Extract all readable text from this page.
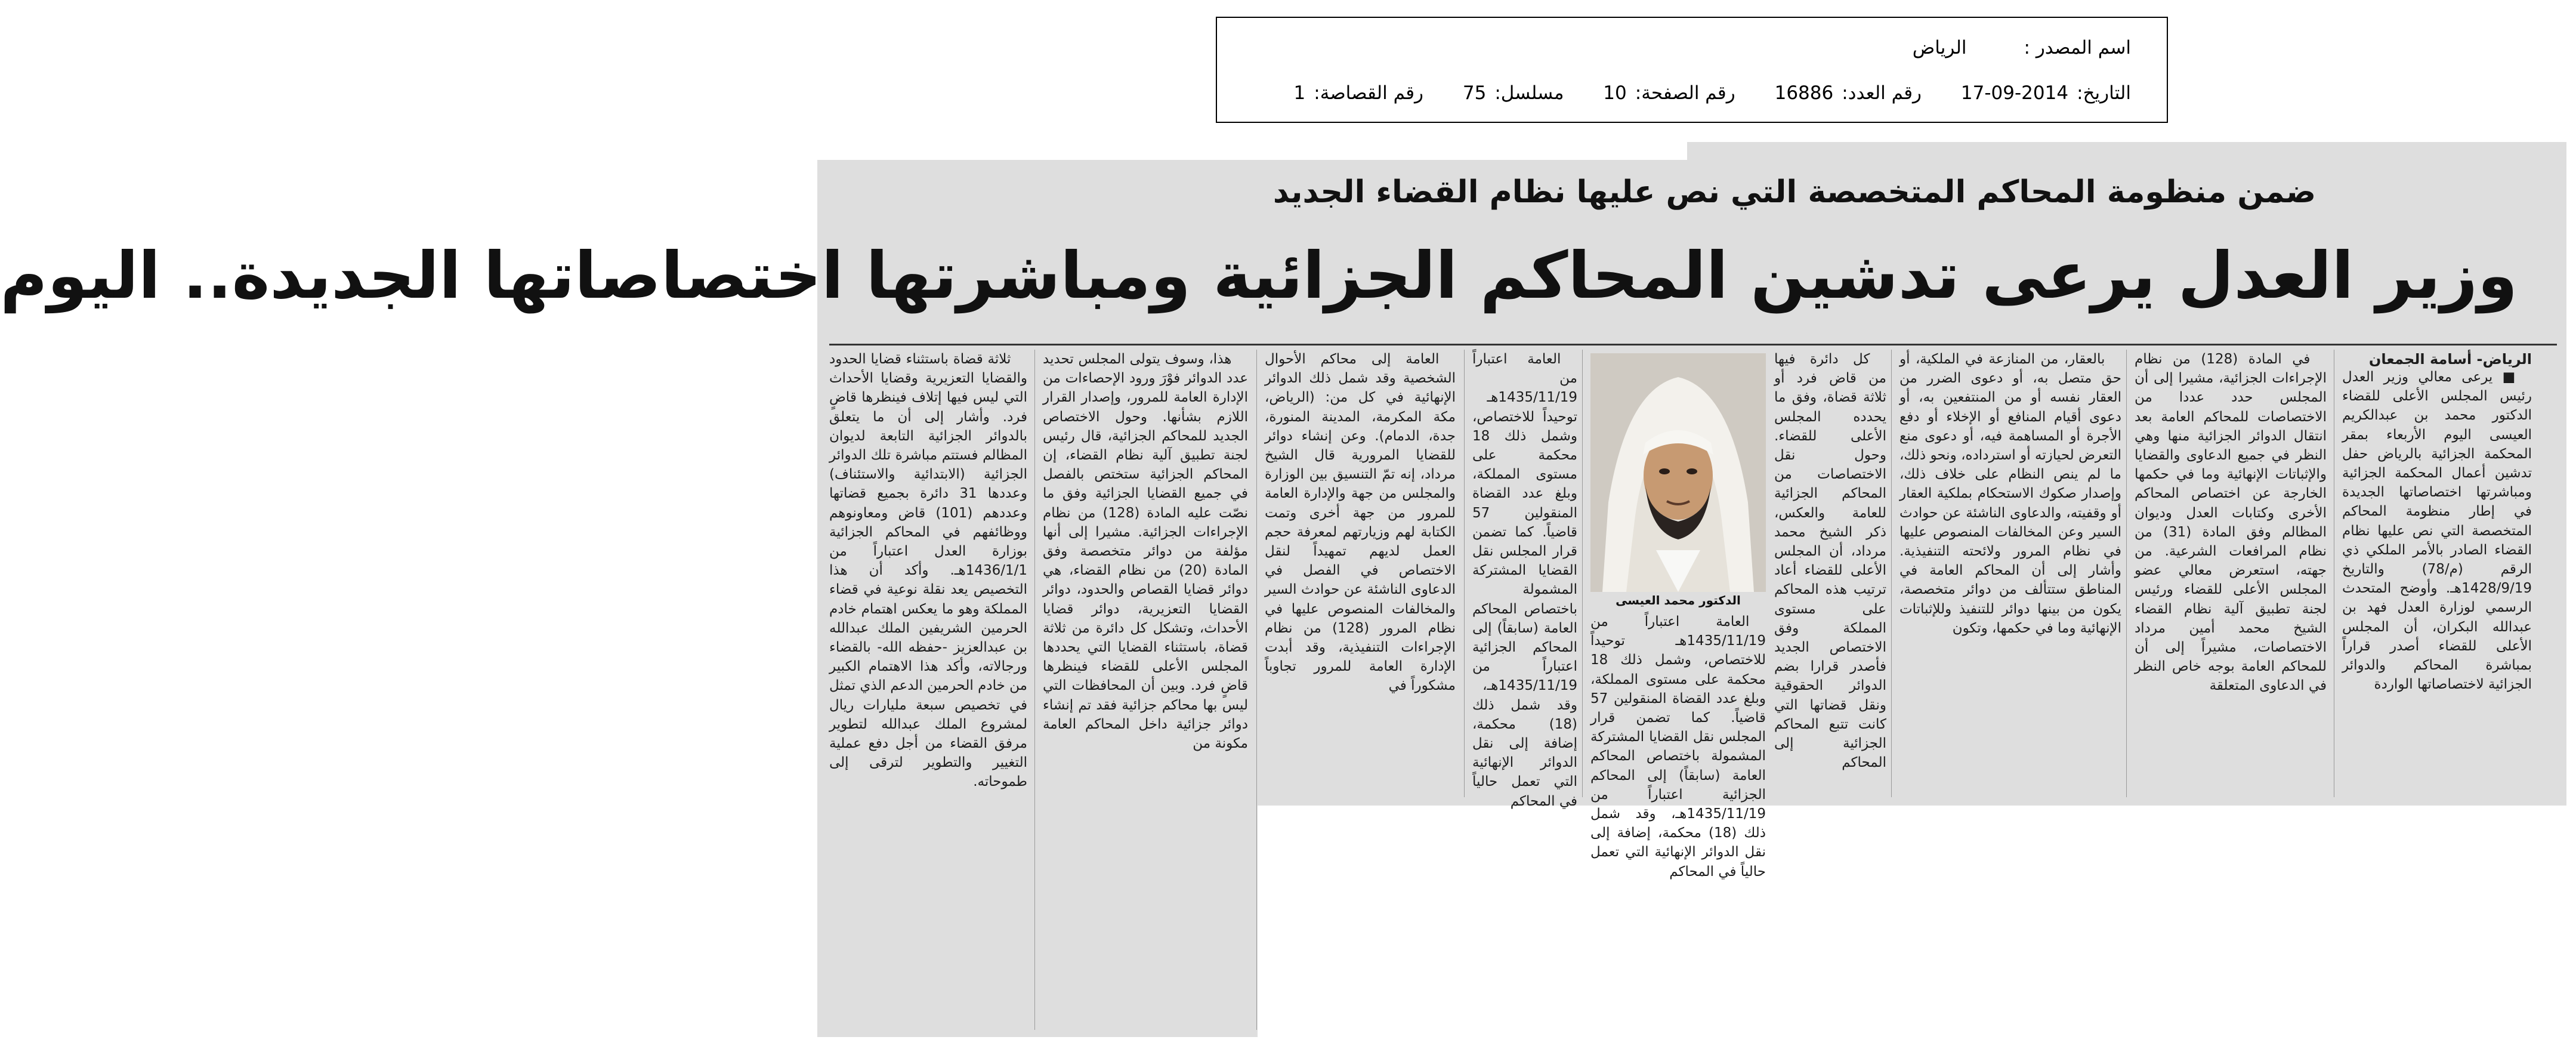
اسم المصدر :الرياض
التاريخ:2014-09-17 رقم العدد:16886 رقم الصفحة:10 مسلسل:75 رقم القصاصة:1
ضمن منظومة المحاكم المتخصصة التي نص عليها نظام القضاء الجديد
وزير العدل يرعى تدشين المحاكم الجزائية ومباشرتها اختصاصاتها الجديدة.. اليوم
الرياض- أسامة الجمعان

■ يرعى معالي وزير العدل رئيس المجلس الأعلى للقضاء الدكتور محمد بن عبدالكريم العيسى اليوم الأربعاء بمقر المحكمة الجزائية بالرياض حفل تدشين أعمال المحكمة الجزائية ومباشرتها اختصاصاتها الجديدة في إطار منظومة المحاكم المتخصصة التي نص عليها نظام القضاء الصادر بالأمر الملكي ذي الرقم (م/78) والتاريخ 1428/9/19هـ. وأوضح المتحدث الرسمي لوزارة العدل فهد بن عبدالله البكران، أن المجلس الأعلى للقضاء أصدر قراراً بمباشرة المحاكم والدوائر الجزائية لاختصاصاتها الواردة

في المادة (128) من نظام الإجراءات الجزائية، مشيرا إلى أن المجلس حدد عددا من الاختصاصات للمحاكم العامة بعد انتقال الدوائر الجزائية منها وهي النظر في جميع الدعاوى والقضايا والإثباتات الإنهائية وما في حكمها الخارجة عن اختصاص المحاكم الأخرى وكتابات العدل وديوان المظالم وفق المادة (31) من نظام المرافعات الشرعية. من جهته، استعرض معالي عضو المجلس الأعلى للقضاء ورئيس لجنة تطبيق آلية نظام القضاء الشيخ محمد أمين مرداد الاختصاصات، مشيراً إلى أن للمحاكم العامة بوجه خاص النظر في الدعاوى المتعلقة

بالعقار، من المنازعة في الملكية، أو حق متصل به، أو دعوى الضرر من العقار نفسه أو من المنتفعين به، أو دعوى أقيام المنافع أو الإخلاء أو دفع الأجرة أو المساهمة فيه، أو دعوى منع التعرض لحيازته أو استرداده، ونحو ذلك، ما لم ينص النظام على خلاف ذلك، وإصدار صكوك الاستحكام بملكية العقار أو وقفيته، والدعاوى الناشئة عن حوادث السير وعن المخالفات المنصوص عليها في نظام المرور ولائحته التنفيذية. وأشار إلى أن المحاكم العامة في المناطق ستتألف من دوائر متخصصة، يكون من بينها دوائر للتنفيذ وللإثباتات الإنهائية وما في حكمها، وتكون

كل دائرة فيها من قاض فرد أو ثلاثة قضاة، وفق ما يحدده المجلس الأعلى للقضاء. وحول نقل الاختصاصات من المحاكم الجزائية للعامة والعكس، ذكر الشيخ محمد مرداد، أن المجلس الأعلى للقضاء أعاد ترتيب هذه المحاكم على مستوى المملكة وفق الاختصاص الجديد فأصدر قرارا بضم الدوائر الحقوقية ونقل قضاتها التي كانت تتبع المحاكم الجزائية إلى المحاكم

الدكتور محمد العيسى

العامة اعتباراً من 1435/11/19هـ توحيداً للاختصاص، وشمل ذلك 18 محكمة على مستوى المملكة، وبلغ عدد القضاة المنقولين 57 قاضياً. كما تضمن قرار المجلس نقل القضايا المشتركة المشمولة باختصاص المحاكم العامة (سابقاً) إلى المحاكم الجزائية اعتباراً من 1435/11/19هـ، وقد شمل ذلك (18) محكمة، إضافة إلى نقل الدوائر الإنهائية التي تعمل حالياً في المحاكم

العامة اعتباراً من 1435/11/19هـ توحيداً للاختصاص، وشمل ذلك 18 محكمة على مستوى المملكة، وبلغ عدد القضاة المنقولين 57 قاضياً. كما تضمن قرار المجلس نقل القضايا المشتركة المشمولة باختصاص المحاكم العامة (سابقاً) إلى المحاكم الجزائية اعتباراً من 1435/11/19هـ، وقد شمل ذلك (18) محكمة، إضافة إلى نقل الدوائر الإنهائية التي تعمل حالياً في المحاكم

العامة إلى محاكم الأحوال الشخصية وقد شمل ذلك الدوائر الإنهائية في كل من: (الرياض، مكة المكرمة، المدينة المنورة، جدة، الدمام). وعن إنشاء دوائر للقضايا المرورية قال الشيخ مرداد، إنه تمّ التنسيق بين الوزارة والمجلس من جهة والإدارة العامة للمرور من جهة أخرى وتمت الكتابة لهم وزيارتهم لمعرفة حجم العمل لديهم تمهيداً لنقل الاختصاص في الفصل في الدعاوى الناشئة عن حوادث السير والمخالفات المنصوص عليها في نظام المرور (128) من نظام الإجراءات التنفيذية، وقد أبدت الإدارة العامة للمرور تجاوباً مشكوراً في

هذا، وسوف يتولى المجلس تحديد عدد الدوائر فوْرَ ورود الإحصاءات من الإدارة العامة للمرور، وإصدار القرار اللازم بشأنها. وحول الاختصاص الجديد للمحاكم الجزائية، قال رئيس لجنة تطبيق آلية نظام القضاء، إن المحاكم الجزائية ستختص بالفصل في جميع القضايا الجزائية وفق ما نصّت عليه المادة (128) من نظام الإجراءات الجزائية. مشيرا إلى أنها مؤلفة من دوائر متخصصة وفق المادة (20) من نظام القضاء، هي دوائر قضايا القصاص والحدود، دوائر القضايا التعزيرية، دوائر قضايا الأحداث، وتشكل كل دائرة من ثلاثة قضاة، باستثناء القضايا التي يحددها المجلس الأعلى للقضاء فينظرها قاضٍ فرد. وبين أن المحافظات التي ليس بها محاكم جزائية فقد تم إنشاء دوائر جزائية داخل المحاكم العامة مكونة من

ثلاثة قضاة باستثناء قضايا الحدود والقضايا التعزيرية وقضايا الأحداث التي ليس فيها إتلاف فينظرها قاضٍ فرد. وأشار إلى أن ما يتعلق بالدوائر الجزائية التابعة لديوان المظالم فستتم مباشرة تلك الدوائر الجزائية (الابتدائية والاستئناف) وعددها 31 دائرة بجميع قضاتها وعددهم (101) قاض ومعاونوهم ووظائفهم في المحاكم الجزائية بوزارة العدل اعتباراً من 1436/1/1هـ. وأكد أن هذا التخصيص يعد نقلة نوعية في قضاء المملكة وهو ما يعكس اهتمام خادم الحرمين الشريفين الملك عبدالله بن عبدالعزيز -حفظه الله- بالقضاء ورجالاته، وأكد هذا الاهتمام الكبير من خادم الحرمين الدعم الذي تمثل في تخصيص سبعة مليارات ريال لمشروع الملك عبدالله لتطوير مرفق القضاء من أجل دفع عملية التغيير والتطوير لترقى إلى طموحاته.
